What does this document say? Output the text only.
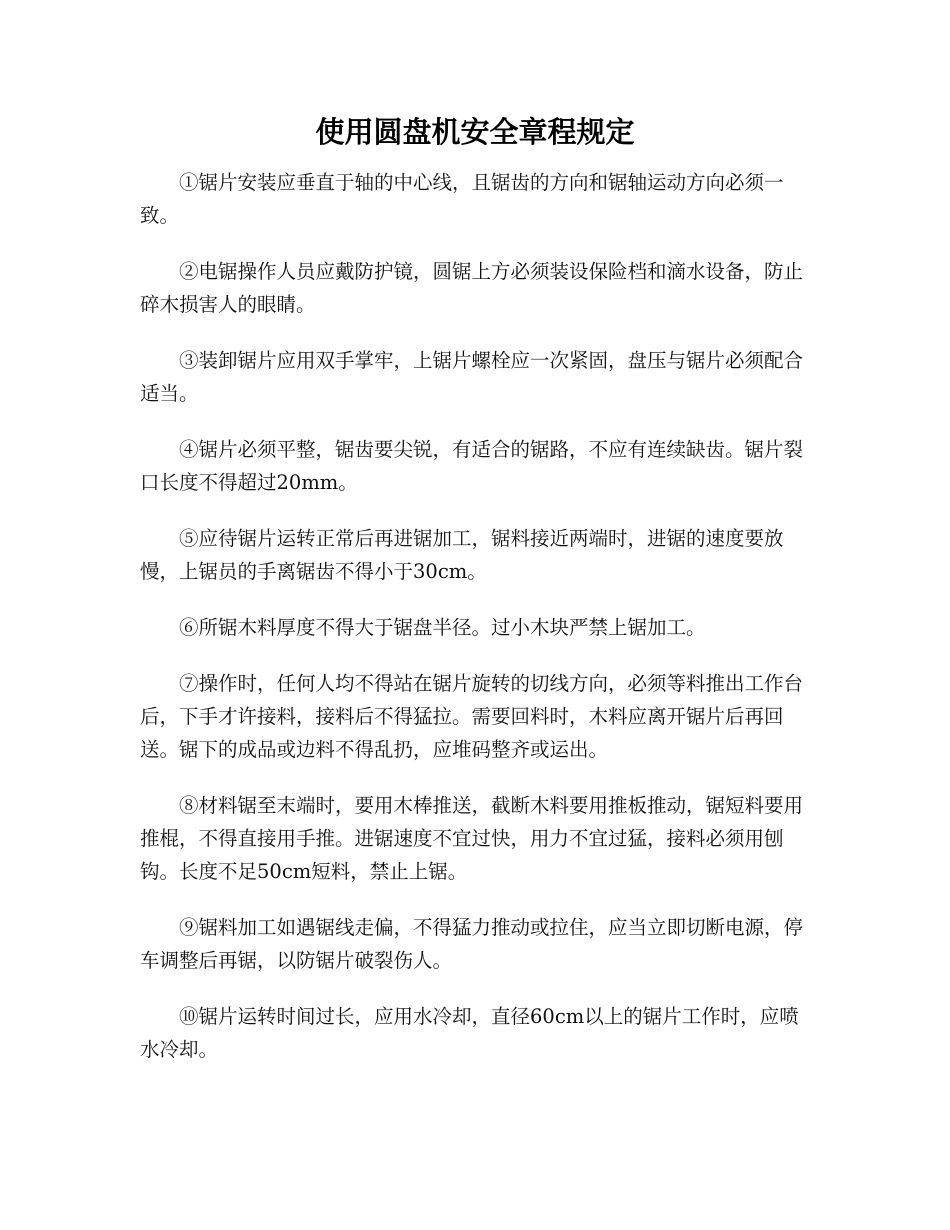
使用圆盘机安全章程规定

①锯片安装应垂直于轴的中心线，且锯齿的方向和锯轴运动方向必须一致。

②电锯操作人员应戴防护镜，圆锯上方必须装设保险档和滴水设备，防止碎木损害人的眼睛。

③装卸锯片应用双手掌牢，上锯片螺栓应一次紧固，盘压与锯片必须配合适当。

④锯片必须平整，锯齿要尖锐，有适合的锯路，不应有连续缺齿。锯片裂口长度不得超过20mm。

⑤应待锯片运转正常后再进锯加工，锯料接近两端时，进锯的速度要放慢，上锯员的手离锯齿不得小于30cm。

⑥所锯木料厚度不得大于锯盘半径。过小木块严禁上锯加工。

⑦操作时，任何人均不得站在锯片旋转的切线方向，必须等料推出工作台后，下手才许接料，接料后不得猛拉。需要回料时，木料应离开锯片后再回送。锯下的成品或边料不得乱扔，应堆码整齐或运出。

⑧材料锯至末端时，要用木棒推送，截断木料要用推板推动，锯短料要用推棍，不得直接用手推。进锯速度不宜过快，用力不宜过猛，接料必须用刨钩。长度不足50cm短料，禁止上锯。

⑨锯料加工如遇锯线走偏，不得猛力推动或拉住，应当立即切断电源，停车调整后再锯，以防锯片破裂伤人。

⑩锯片运转时间过长，应用水冷却，直径60cm以上的锯片工作时，应喷水冷却。
